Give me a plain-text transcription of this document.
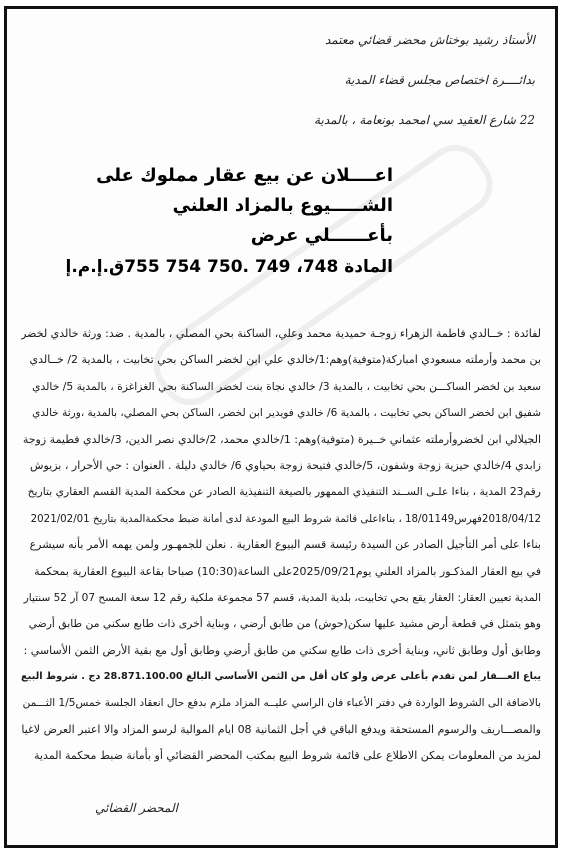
الأستاذ رشيد بوختاش محضر قضائي معتمد
بدائــــرة اختصاص مجلس قضاء المدية
22 شارع العقيد سي امحمد بونعامة ، بالمدية
اعــــلان عن بيع عقار مملوك على
الشـــــيوع بالمزاد العلني
بأعــــــلي عرض
المادة 748، 749 .750 754 755ق.إ.م.إ
لفائدة : خــالدي فاطمة الزهراء زوجـة حميدية محمد وعلي، الساكنة بحي المصلي ، بالمدية . ضد: ورثة خالدي لخضر
بن محمد وأرملته مسعودي امباركة(متوفية)وهم:1/خالدي علي ابن لخضر الساكن بحي تخابيت ، بالمدية 2/ خــالدي
سعيد بن لخضر الساكـــن بحي تخابيت ، بالمدية 3/ خالدي نجاة بنت لخضر الساكنة بحي الغزاغزة ، بالمدية 5/ خالدي
شفيق ابن لخضر الساكن بحي تخابيت ، بالمدية 6/ خالدي فويدير ابن لخضر، الساكن بحي المصلي، بالمدية ،ورثة خالدي
الجيلالي ابن لخضروأرملته عثماني خــيرة (متوفية)وهم: 1/خالدي محمد، 2/خالدي نصر الدين، 3/خالدي فطيمة زوجة
زابدي 4/خالدي حيزية زوجة وشفون، 5/خالدي فتيحة زوجة بحياوي 6/ خالدي دليلة . العنوان : حي الأحرار ، بزيوش
رقم23 المدية ، بناءا علـى الســند التنفيذي الممهور بالصيغة التنفيذية الصادر عن محكمة المدية القسم العقاري بتاريخ
2018/04/12فهرس18/01149 ، بناءاعلى قائمة شروط البيع المودعة لدى أمانة ضبط محكمةالمدية بتاريخ 2021/02/01
بناءا على أمر التأجيل الصادر عن السيدة رئيسة قسم البيوع العقارية . نعلن للجمهـور ولمن يهمه الأمر بأنه سيشرع
في بيع العقار المذكـور بالمزاد العلني يوم2025/09/21على الساعة(10:30) صباحا بقاعة البيوع العقارية بمحكمة
المدية تعيين العقار: العقار يقع بحي تخابيت، بلدية المدية، قسم 57 مجموعة ملكية رقم 12 سعة المسح 07 آر 52 سنتيار
وهو يتمثل في قطعة أرض مشيد عليها سكن(حوش) من طابق أرضي ، وبناية أخرى ذات طابع سكني من طابق أرضي
وطابق أول وطابق ثاني، وبناية أخرى ذات طابع سكني من طابق أرضي وطابق أول مع بقية الأرض الثمن الأساسي :
يباع العـــقار لمن تقدم بأعلى عرض ولو كان أقل من الثمن الأساسي البالغ 28.871.100.00 دج . شروط البيع
بالاضافة الى الشروط الواردة في دفتر الأعباء فان الراسي عليــه المزاد ملزم بدفع حال انعقاد الجلسة خمس1/5 الثـــمن
والمصـــاريف والرسوم المستحقة ويدفع الباقي في أجل الثمانية 08 ايام الموالية لرسو المزاد والا اعتبر العرض لاغيا
لمزيد من المعلومات يمكن الاطلاع على قائمة شروط البيع بمكتب المحضر القضائي أو بأمانة ضبط محكمة المدية
المحضر القضائي
